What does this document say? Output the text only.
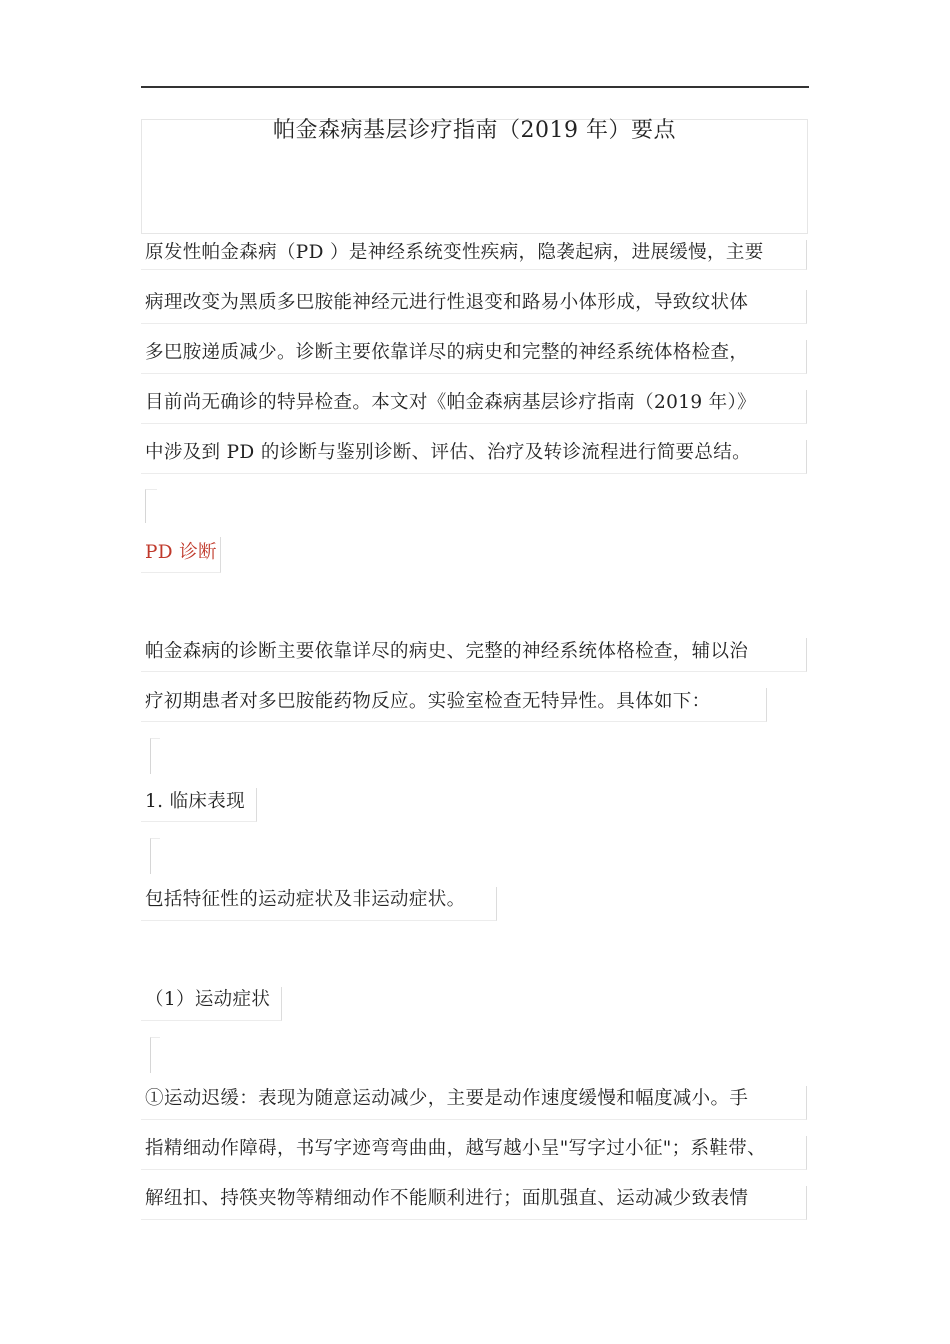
帕金森病基层诊疗指南（2019 年）要点
原发性帕金森病（PD ）是神经系统变性疾病，隐袭起病，进展缓慢，主要
病理改变为黑质多巴胺能神经元进行性退变和路易小体形成，导致纹状体
多巴胺递质减少。诊断主要依靠详尽的病史和完整的神经系统体格检查，
目前尚无确诊的特异检查。本文对《帕金森病基层诊疗指南（2019 年）》
中涉及到 PD 的诊断与鉴别诊断、评估、治疗及转诊流程进行简要总结。
PD 诊断
帕金森病的诊断主要依靠详尽的病史、完整的神经系统体格检查，辅以治
疗初期患者对多巴胺能药物反应。实验室检查无特异性。具体如下：
1. 临床表现
包括特征性的运动症状及非运动症状。
（1）运动症状
①运动迟缓：表现为随意运动减少，主要是动作速度缓慢和幅度减小。手
指精细动作障碍，书写字迹弯弯曲曲，越写越小呈"写字过小征"；系鞋带、
解纽扣、持筷夹物等精细动作不能顺利进行；面肌强直、运动减少致表情
